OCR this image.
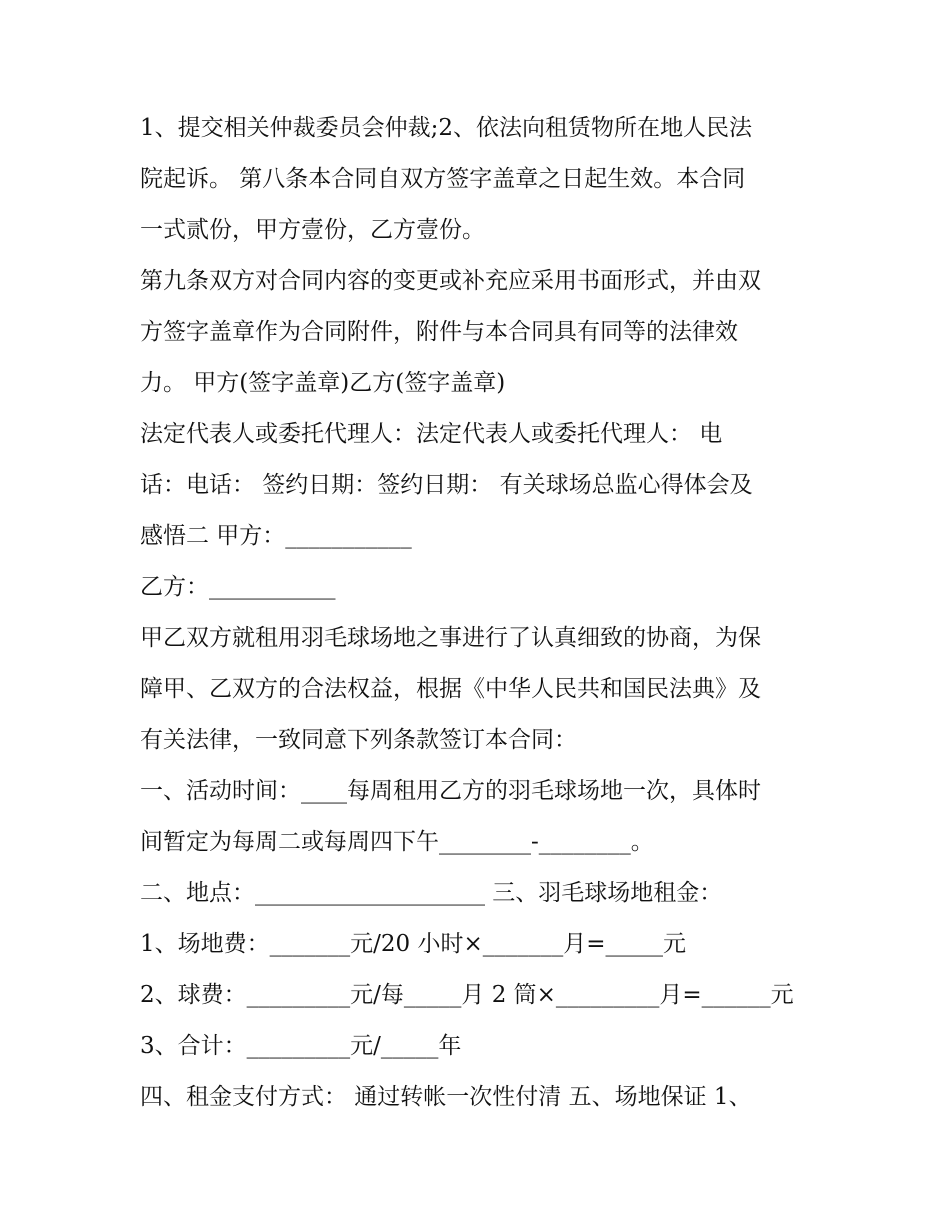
1、提交相关仲裁委员会仲裁;2、依法向租赁物所在地人民法

院起诉。 第八条本合同自双方签字盖章之日起生效。本合同

一式贰份，甲方壹份，乙方壹份。

第九条双方对合同内容的变更或补充应采用书面形式，并由双

方签字盖章作为合同附件，附件与本合同具有同等的法律效

力。 甲方(签字盖章)乙方(签字盖章)

法定代表人或委托代理人：法定代表人或委托代理人： 电

话：电话： 签约日期：签约日期： 有关球场总监心得体会及

感悟二 甲方：___________

乙方：___________

甲乙双方就租用羽毛球场地之事进行了认真细致的协商，为保

障甲、乙双方的合法权益，根据《中华人民共和国民法典》及

有关法律，一致同意下列条款签订本合同：

一、活动时间：____每周租用乙方的羽毛球场地一次，具体时

间暂定为每周二或每周四下午________-________。

二、地点：____________________ 三、羽毛球场地租金：

1、场地费：_______元/20 小时×_______月=_____元

2、球费：_________元/每_____月 2 筒×_________月=______元

3、合计：_________元/_____年

四、租金支付方式： 通过转帐一次性付清 五、场地保证 1、
